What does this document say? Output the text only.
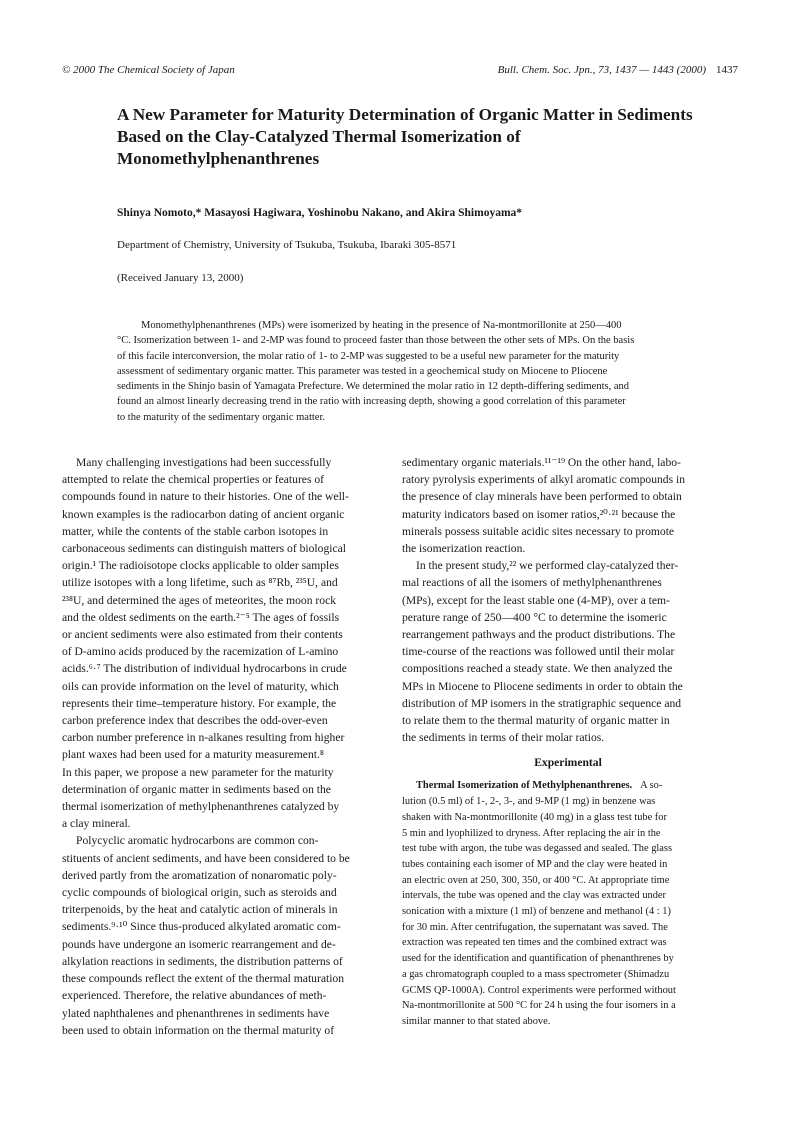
© 2000 The Chemical Society of Japan	Bull. Chem. Soc. Jpn., 73, 1437 — 1443 (2000) 1437
A New Parameter for Maturity Determination of Organic Matter in Sediments Based on the Clay-Catalyzed Thermal Isomerization of Monomethylphenanthrenes
Shinya Nomoto,* Masayosi Hagiwara, Yoshinobu Nakano, and Akira Shimoyama*
Department of Chemistry, University of Tsukuba, Tsukuba, Ibaraki 305-8571
(Received January 13, 2000)

Monomethylphenanthrenes (MPs) were isomerized by heating in the presence of Na-montmorillonite at 250—400
°C. Isomerization between 1- and 2-MP was found to proceed faster than those between the other sets of MPs. On the basis
of this facile interconversion, the molar ratio of 1- to 2-MP was suggested to be a useful new parameter for the maturity
assessment of sedimentary organic matter. This parameter was tested in a geochemical study on Miocene to Pliocene
sediments in the Shinjo basin of Yamagata Prefecture. We determined the molar ratio in 12 depth-differing sediments, and
found an almost linearly decreasing trend in the ratio with increasing depth, showing a good correlation of this parameter
to the maturity of the sedimentary organic matter.

Many challenging investigations had been successfully
attempted to relate the chemical properties or features of
compounds found in nature to their histories. One of the well-
known examples is the radiocarbon dating of ancient organic
matter, while the contents of the stable carbon isotopes in
carbonaceous sediments can distinguish matters of biological
origin.¹ The radioisotope clocks applicable to older samples
utilize isotopes with a long lifetime, such as ⁸⁷Rb, ²³⁵U, and
²³⁸U, and determined the ages of meteorites, the moon rock
and the oldest sediments on the earth.²⁻⁵ The ages of fossils
or ancient sediments were also estimated from their contents
of D-amino acids produced by the racemization of L-amino
acids.⁶·⁷ The distribution of individual hydrocarbons in crude
oils can provide information on the level of maturity, which
represents their time–temperature history. For example, the
carbon preference index that describes the odd-over-even
carbon number preference in n-alkanes resulting from higher
plant waxes had been used for a maturity measurement.⁸
In this paper, we propose a new parameter for the maturity
determination of organic matter in sediments based on the
thermal isomerization of methylphenanthrenes catalyzed by
a clay mineral.

Polycyclic aromatic hydrocarbons are common con-
stituents of ancient sediments, and have been considered to be
derived partly from the aromatization of nonaromatic poly-
cyclic compounds of biological origin, such as steroids and
triterpenoids, by the heat and catalytic action of minerals in
sediments.⁹·¹⁰ Since thus-produced alkylated aromatic com-
pounds have undergone an isomeric rearrangement and de-
alkylation reactions in sediments, the distribution patterns of
these compounds reflect the extent of the thermal maturation
experienced. Therefore, the relative abundances of meth-
ylated naphthalenes and phenanthrenes in sediments have
been used to obtain information on the thermal maturity of

sedimentary organic materials.¹¹⁻¹⁹ On the other hand, labo-
ratory pyrolysis experiments of alkyl aromatic compounds in
the presence of clay minerals have been performed to obtain
maturity indicators based on isomer ratios,²⁰·²¹ because the
minerals possess suitable acidic sites necessary to promote
the isomerization reaction.

In the present study,²² we performed clay-catalyzed ther-
mal reactions of all the isomers of methylphenanthrenes
(MPs), except for the least stable one (4-MP), over a tem-
perature range of 250—400 °C to determine the isomeric
rearrangement pathways and the product distributions. The
time-course of the reactions was followed until their molar
compositions reached a steady state. We then analyzed the
MPs in Miocene to Pliocene sediments in order to obtain the
distribution of MP isomers in the stratigraphic sequence and
to relate them to the thermal maturity of organic matter in
the sediments in terms of their molar ratios.

Experimental

Thermal Isomerization of Methylphenanthrenes. A so-
lution (0.5 ml) of 1-, 2-, 3-, and 9-MP (1 mg) in benzene was
shaken with Na-montmorillonite (40 mg) in a glass test tube for
5 min and lyophilized to dryness. After replacing the air in the
test tube with argon, the tube was degassed and sealed. The glass
tubes containing each isomer of MP and the clay were heated in
an electric oven at 250, 300, 350, or 400 °C. At appropriate time
intervals, the tube was opened and the clay was extracted under
sonication with a mixture (1 ml) of benzene and methanol (4 : 1)
for 30 min. After centrifugation, the supernatant was saved. The
extraction was repeated ten times and the combined extract was
used for the identification and quantification of phenanthrenes by
a gas chromatograph coupled to a mass spectrometer (Shimadzu
GCMS QP-1000A). Control experiments were performed without
Na-montmorillonite at 500 °C for 24 h using the four isomers in a
similar manner to that stated above.
